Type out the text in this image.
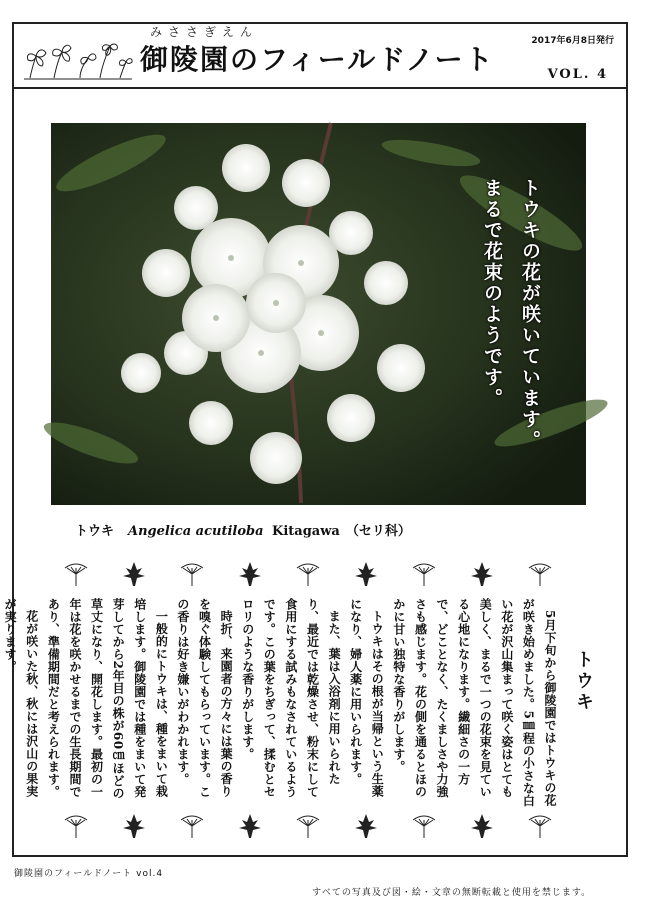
みささぎえん
御陵園のフィールドノート
2017年6月8日発行
VOL. 4
トウキの花が咲いています。
まるで花束のようです。
トウキ Angelica acutiloba Kitagawa （セリ科）
トウキ

5月下旬から御陵園ではトウキの花が咲き始めました。5㎜程の小さな白い花が沢山集まって咲く姿はとても美しく、まるで一つの花束を見ている心地になります。繊細さの一方で、どことなく、たくましさや力強さも感じます。花の側を通るとほのかに甘い独特な香りがします。

トウキはその根が当帰という生薬になり、婦人薬に用いられます。

また、葉は入浴剤に用いられたり、最近では乾燥させ、粉末にして食用にする試みもなされているようです。この葉をちぎって、揉むとセロリのような香りがします。

時折、来園者の方々には葉の香りを嗅ぐ体験してもらっています。この香りは好き嫌いがわかれます。

一般的にトウキは、種をまいて栽培します。御陵園では種をまいて発芽してから2年目の株が60㎝ほどの草丈になり、開花します。最初の一年は花を咲かせるまでの生長期間であり、準備期間だと考えられます。

花が咲いた秋、秋には沢山の果実が実ります。

御陵園のフィールドノート vol.4
すべての写真及び図・絵・文章の無断転載と使用を禁じます。
